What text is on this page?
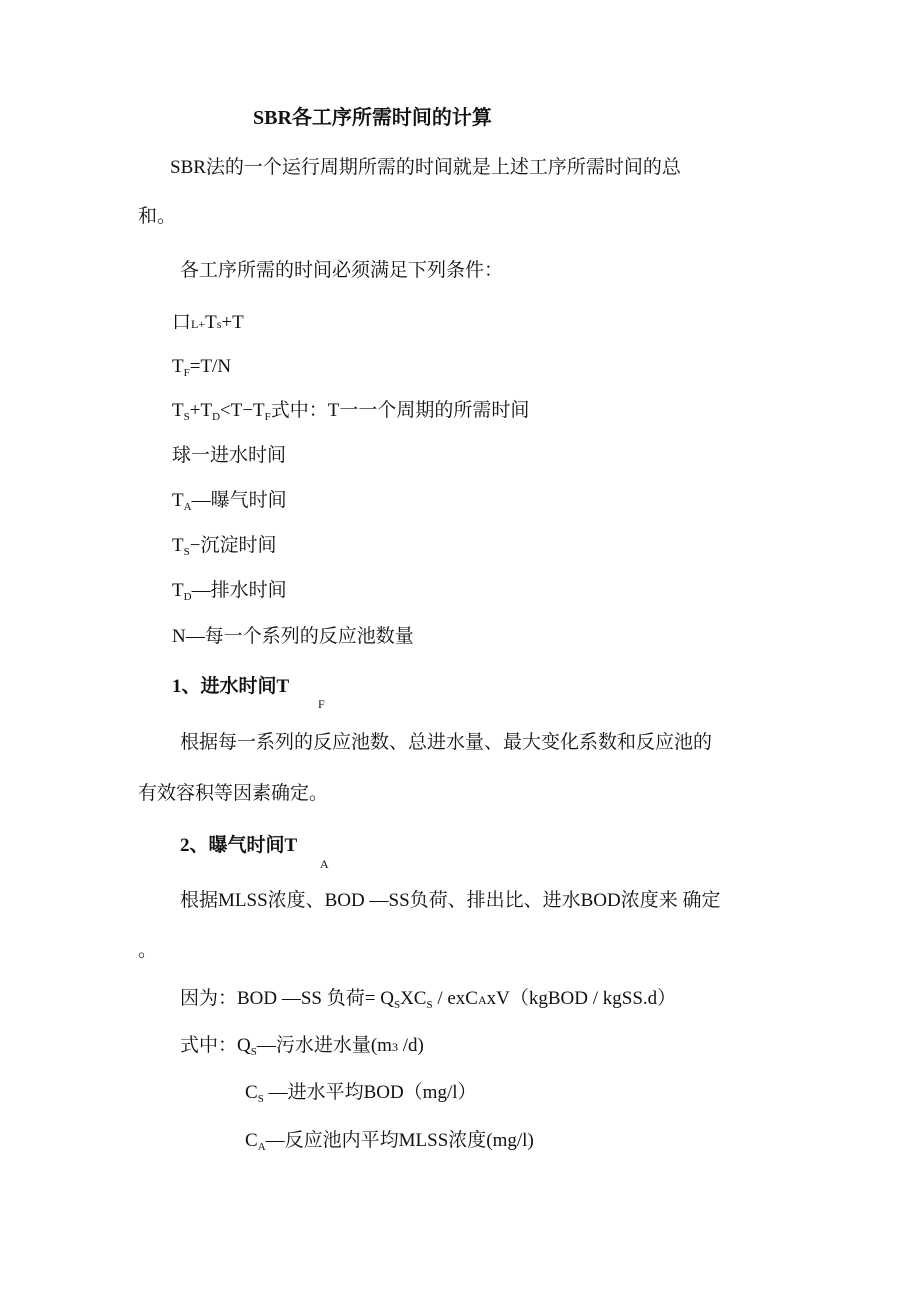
SBR各工序所需时间的计算
SBR法的一个运行周期所需的时间就是上述工序所需时间的总
和。
各工序所需的时间必须满足下列条件：
口L+Ts+T
$T_F=T/N$
$T_S+T_D<T-T_F$式中：T一一个周期的所需时间
球一进水时间
$T_A—$曝气时间
$T_S-$沉淀时间
$T_D—$排水时间
N—每一个系列的反应池数量
1、进水时间T
F
根据每一系列的反应池数、总进水量、最大变化系数和反应池的
有效容积等因素确定。
2、曝气时间T
A
根据MLSS浓度、BOD —SS负荷、排出比、进水BOD浓度来 确定
。
因为：BOD —SS 负荷= $Q_SXC_S$ / exCAxV（kgBOD / kgSS.d）
式中：$Q_S—$污水进水量(m3 /d)
$C_S$ —进水平均BOD（mg/l）
$C_A—$反应池内平均MLSS浓度(mg/l)
